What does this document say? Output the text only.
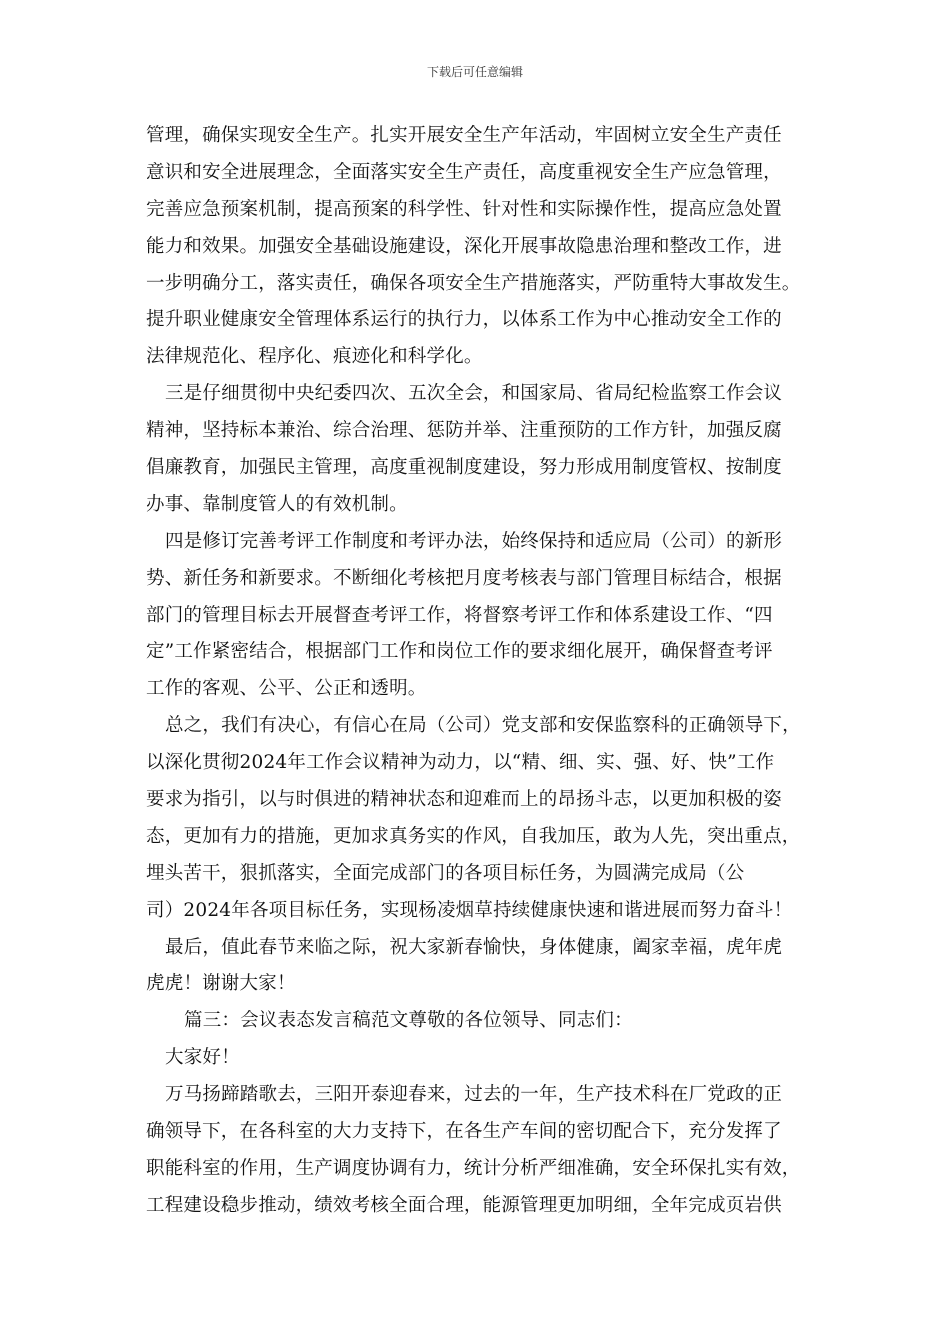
下载后可任意编辑
管理，确保实现安全生产。扎实开展安全生产年活动，牢固树立安全生产责任
意识和安全进展理念，全面落实安全生产责任，高度重视安全生产应急管理，
完善应急预案机制，提高预案的科学性、针对性和实际操作性，提高应急处置
能力和效果。加强安全基础设施建设，深化开展事故隐患治理和整改工作，进
一步明确分工，落实责任，确保各项安全生产措施落实，严防重特大事故发生。
提升职业健康安全管理体系运行的执行力，以体系工作为中心推动安全工作的
法律规范化、程序化、痕迹化和科学化。
三是仔细贯彻中央纪委四次、五次全会，和国家局、省局纪检监察工作会议
精神，坚持标本兼治、综合治理、惩防并举、注重预防的工作方针，加强反腐
倡廉教育，加强民主管理，高度重视制度建设，努力形成用制度管权、按制度
办事、靠制度管人的有效机制。
四是修订完善考评工作制度和考评办法，始终保持和适应局（公司）的新形
势、新任务和新要求。不断细化考核把月度考核表与部门管理目标结合，根据
部门的管理目标去开展督查考评工作，将督察考评工作和体系建设工作、“四
定”工作紧密结合，根据部门工作和岗位工作的要求细化展开，确保督查考评
工作的客观、公平、公正和透明。
总之，我们有决心，有信心在局（公司）党支部和安保监察科的正确领导下，
以深化贯彻2024年工作会议精神为动力，以“精、细、实、强、好、快”工作
要求为指引，以与时俱进的精神状态和迎难而上的昂扬斗志，以更加积极的姿
态，更加有力的措施，更加求真务实的作风，自我加压，敢为人先，突出重点，
埋头苦干，狠抓落实，全面完成部门的各项目标任务，为圆满完成局（公
司）2024年各项目标任务，实现杨凌烟草持续健康快速和谐进展而努力奋斗！
最后，值此春节来临之际，祝大家新春愉快，身体健康，阖家幸福，虎年虎
虎虎！谢谢大家！
篇三：会议表态发言稿范文尊敬的各位领导、同志们：
大家好！
万马扬蹄踏歌去，三阳开泰迎春来，过去的一年，生产技术科在厂党政的正
确领导下，在各科室的大力支持下，在各生产车间的密切配合下，充分发挥了
职能科室的作用，生产调度协调有力，统计分析严细准确，安全环保扎实有效，
工程建设稳步推动，绩效考核全面合理，能源管理更加明细，全年完成页岩供
